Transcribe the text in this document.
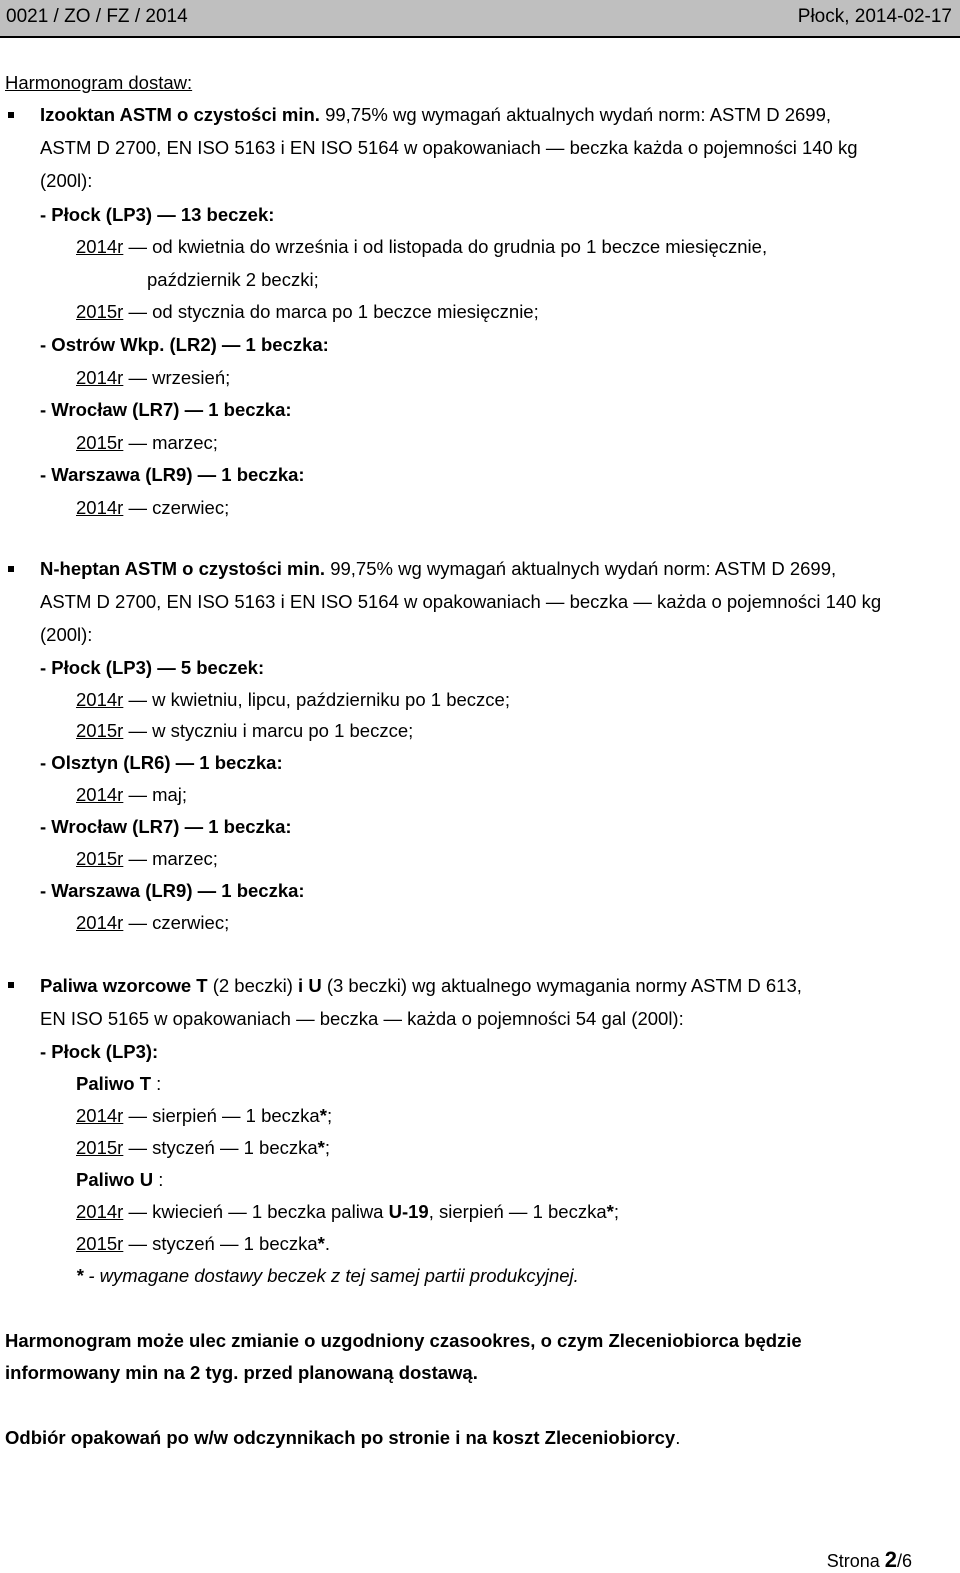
0021 / ZO / FZ / 2014	Płock, 2014-02-17
Harmonogram dostaw:
Izooktan ASTM o czystości min. 99,75% wg wymagań aktualnych wydań norm: ASTM D 2699,
ASTM D 2700, EN ISO 5163 i EN ISO 5164 w opakowaniach — beczka każda o pojemności 140 kg
(200l):
- Płock (LP3) — 13 beczek:
2014r — od kwietnia do września i od listopada do grudnia po 1 beczce miesięcznie,
październik 2 beczki;
2015r — od stycznia do marca po 1 beczce miesięcznie;
- Ostrów Wkp. (LR2) — 1 beczka:
2014r — wrzesień;
- Wrocław (LR7) — 1 beczka:
2015r — marzec;
- Warszawa (LR9) — 1 beczka:
2014r — czerwiec;
N-heptan ASTM o czystości min. 99,75% wg wymagań aktualnych wydań norm: ASTM D 2699,
ASTM D 2700, EN ISO 5163 i EN ISO 5164 w opakowaniach — beczka — każda o pojemności 140 kg
(200l):
- Płock (LP3) — 5 beczek:
2014r — w kwietniu, lipcu, październiku po 1 beczce;
2015r — w styczniu i marcu po 1 beczce;
- Olsztyn (LR6) — 1 beczka:
2014r — maj;
- Wrocław (LR7) — 1 beczka:
2015r — marzec;
- Warszawa (LR9) — 1 beczka:
2014r — czerwiec;
Paliwa wzorcowe T (2 beczki) i U (3 beczki) wg aktualnego wymagania normy ASTM D 613,
EN ISO 5165 w opakowaniach — beczka — każda o pojemności 54 gal (200l):
- Płock (LP3):
Paliwo T :
2014r — sierpień — 1 beczka*;
2015r — styczeń — 1 beczka*;
Paliwo U :
2014r — kwiecień — 1 beczka paliwa U-19, sierpień — 1 beczka*;
2015r — styczeń — 1 beczka*.
* - wymagane dostawy beczek z tej samej partii produkcyjnej.
Harmonogram może ulec zmianie o uzgodniony czasookres, o czym Zleceniobiorca będzie
informowany min na 2 tyg. przed planowaną dostawą.
Odbiór opakowań po w/w odczynnikach po stronie i na koszt Zleceniobiorcy.
Strona 2/6
